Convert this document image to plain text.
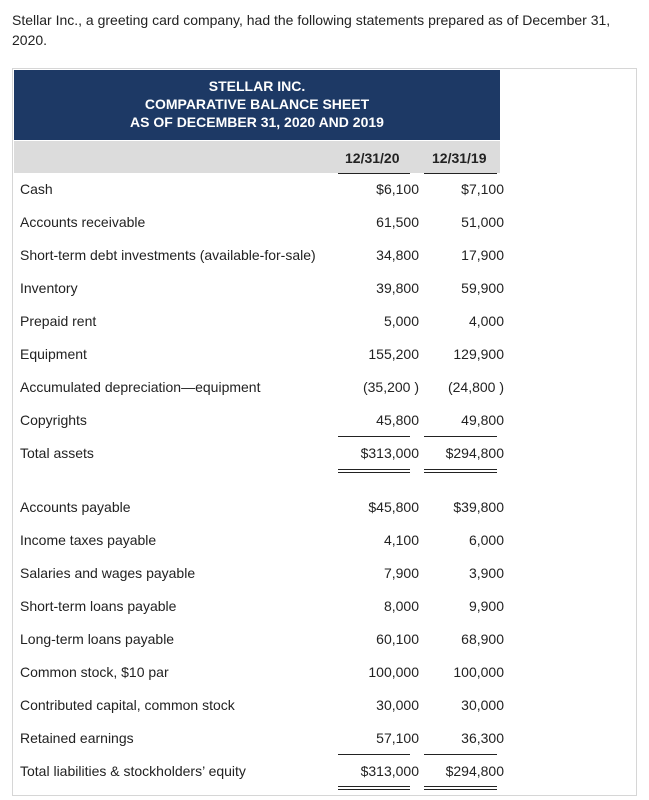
Stellar Inc., a greeting card company, had the following statements prepared as of December 31, 2020.
STELLAR INC.
COMPARATIVE BALANCE SHEET
AS OF DECEMBER 31, 2020 AND 2019
12/31/20 12/31/19
Cash	$6,100	$7,100
Accounts receivable	61,500	51,000
Short-term debt investments (available-for-sale)	34,800	17,900
Inventory	39,800	59,900
Prepaid rent	5,000	4,000
Equipment	155,200 129,900
Accumulated depreciation—equipment	(35,200 ) (24,800 )
Copyrights	45,800	49,800
Total assets	$313,000 $294,800
Accounts payable	$45,800 $39,800
Income taxes payable	4,100	6,000
Salaries and wages payable	7,900	3,900
Short-term loans payable	8,000	9,900
Long-term loans payable	60,100	68,900
Common stock, $10 par	100,000 100,000
Contributed capital, common stock	30,000	30,000
Retained earnings	57,100	36,300
Total liabilities & stockholders’ equity	$313,000 $294,800
